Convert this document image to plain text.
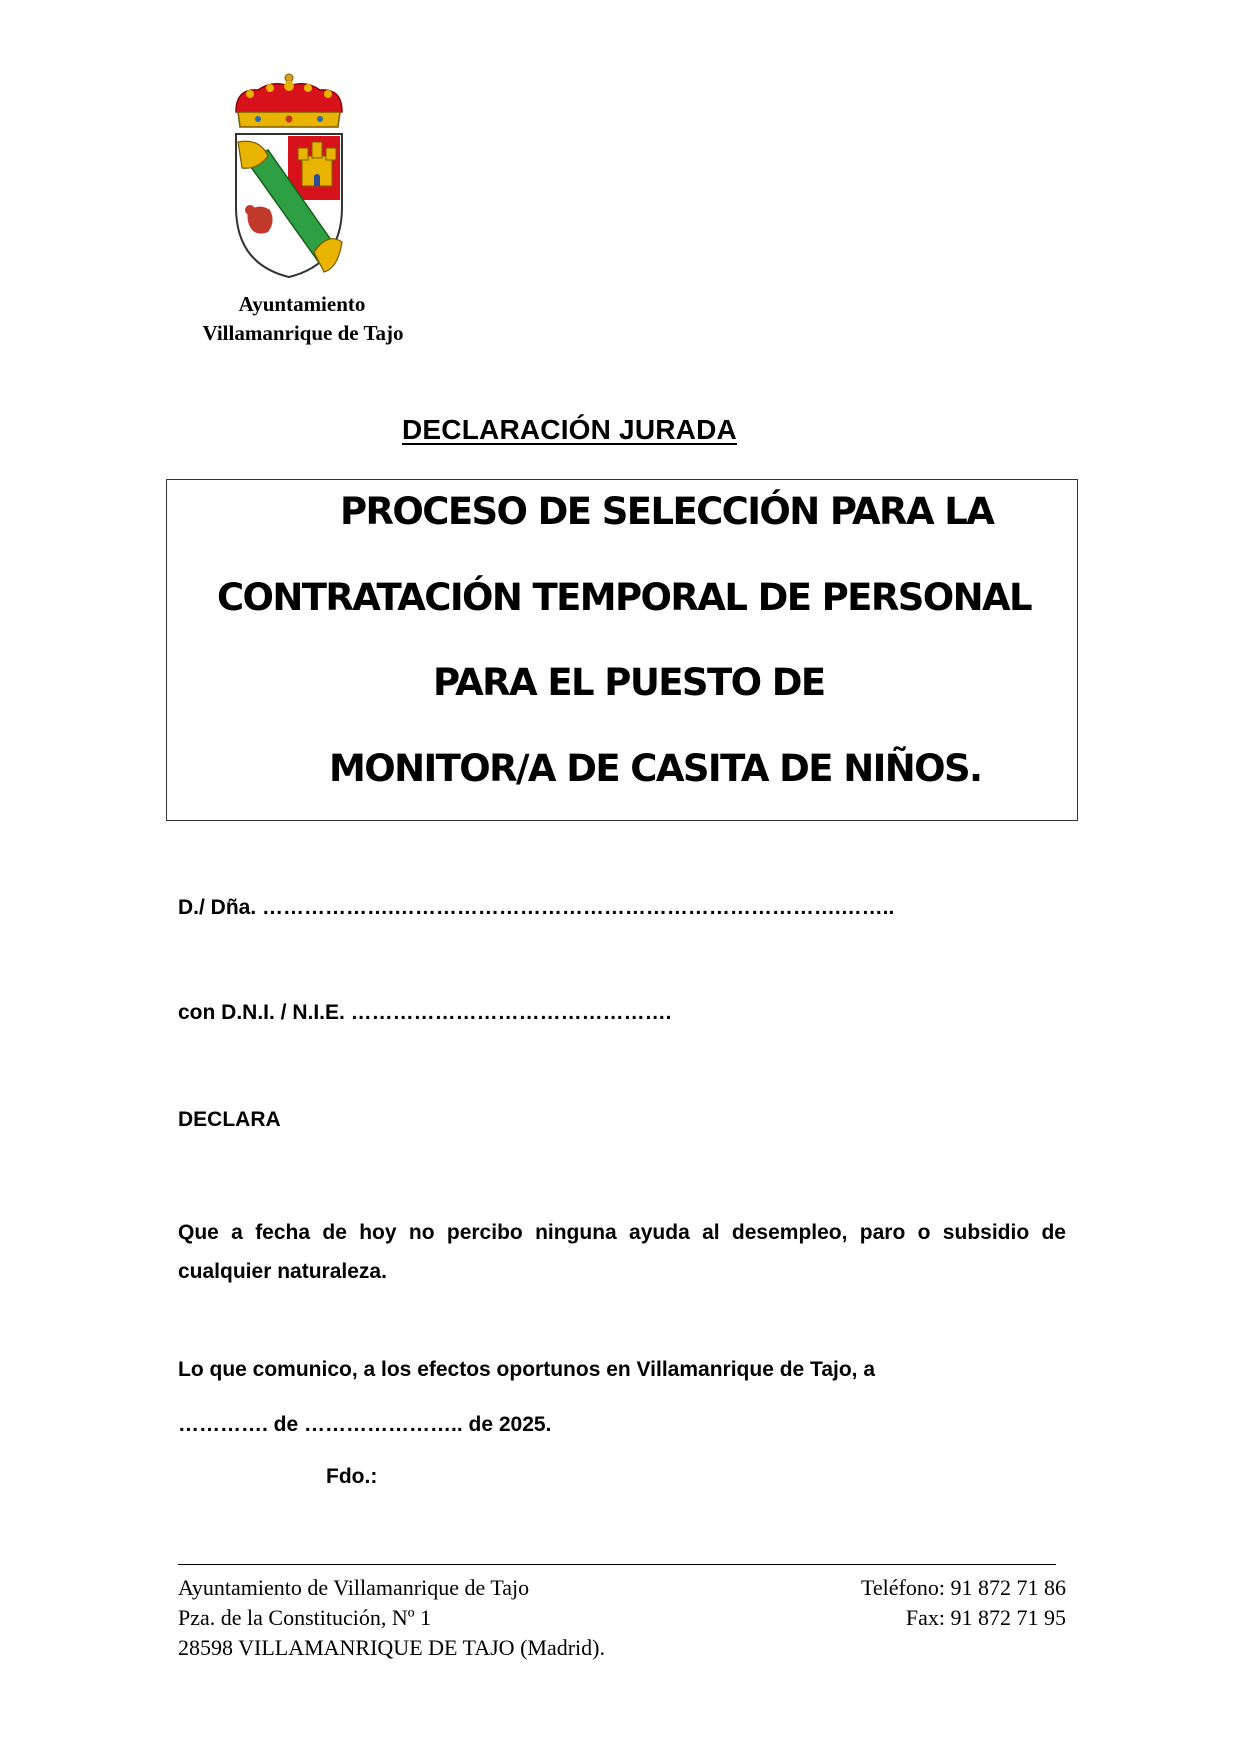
Ayuntamiento
Villamanrique de Tajo
DECLARACIÓN JURADA
PROCESO DE SELECCIÓN PARA LA
CONTRATACIÓN TEMPORAL DE PERSONAL
PARA EL PUESTO DE
MONITOR/A DE CASITA DE NIÑOS.
D./ Dña. ……………….……………………………………………………….……..
con D.N.I. / N.I.E. ……………………………………….
DECLARA
Que a fecha de hoy no percibo ninguna ayuda al desempleo, paro o subsidio de cualquier naturaleza.
Lo que comunico, a los efectos oportunos en Villamanrique de Tajo, a
…………. de ………………….. de 2025.
Fdo.:
Ayuntamiento de Villamanrique de Tajo
Pza. de la Constitución, Nº 1
28598 VILLAMANRIQUE DE TAJO (Madrid).
Teléfono: 91 872 71 86
Fax: 91 872 71 95
